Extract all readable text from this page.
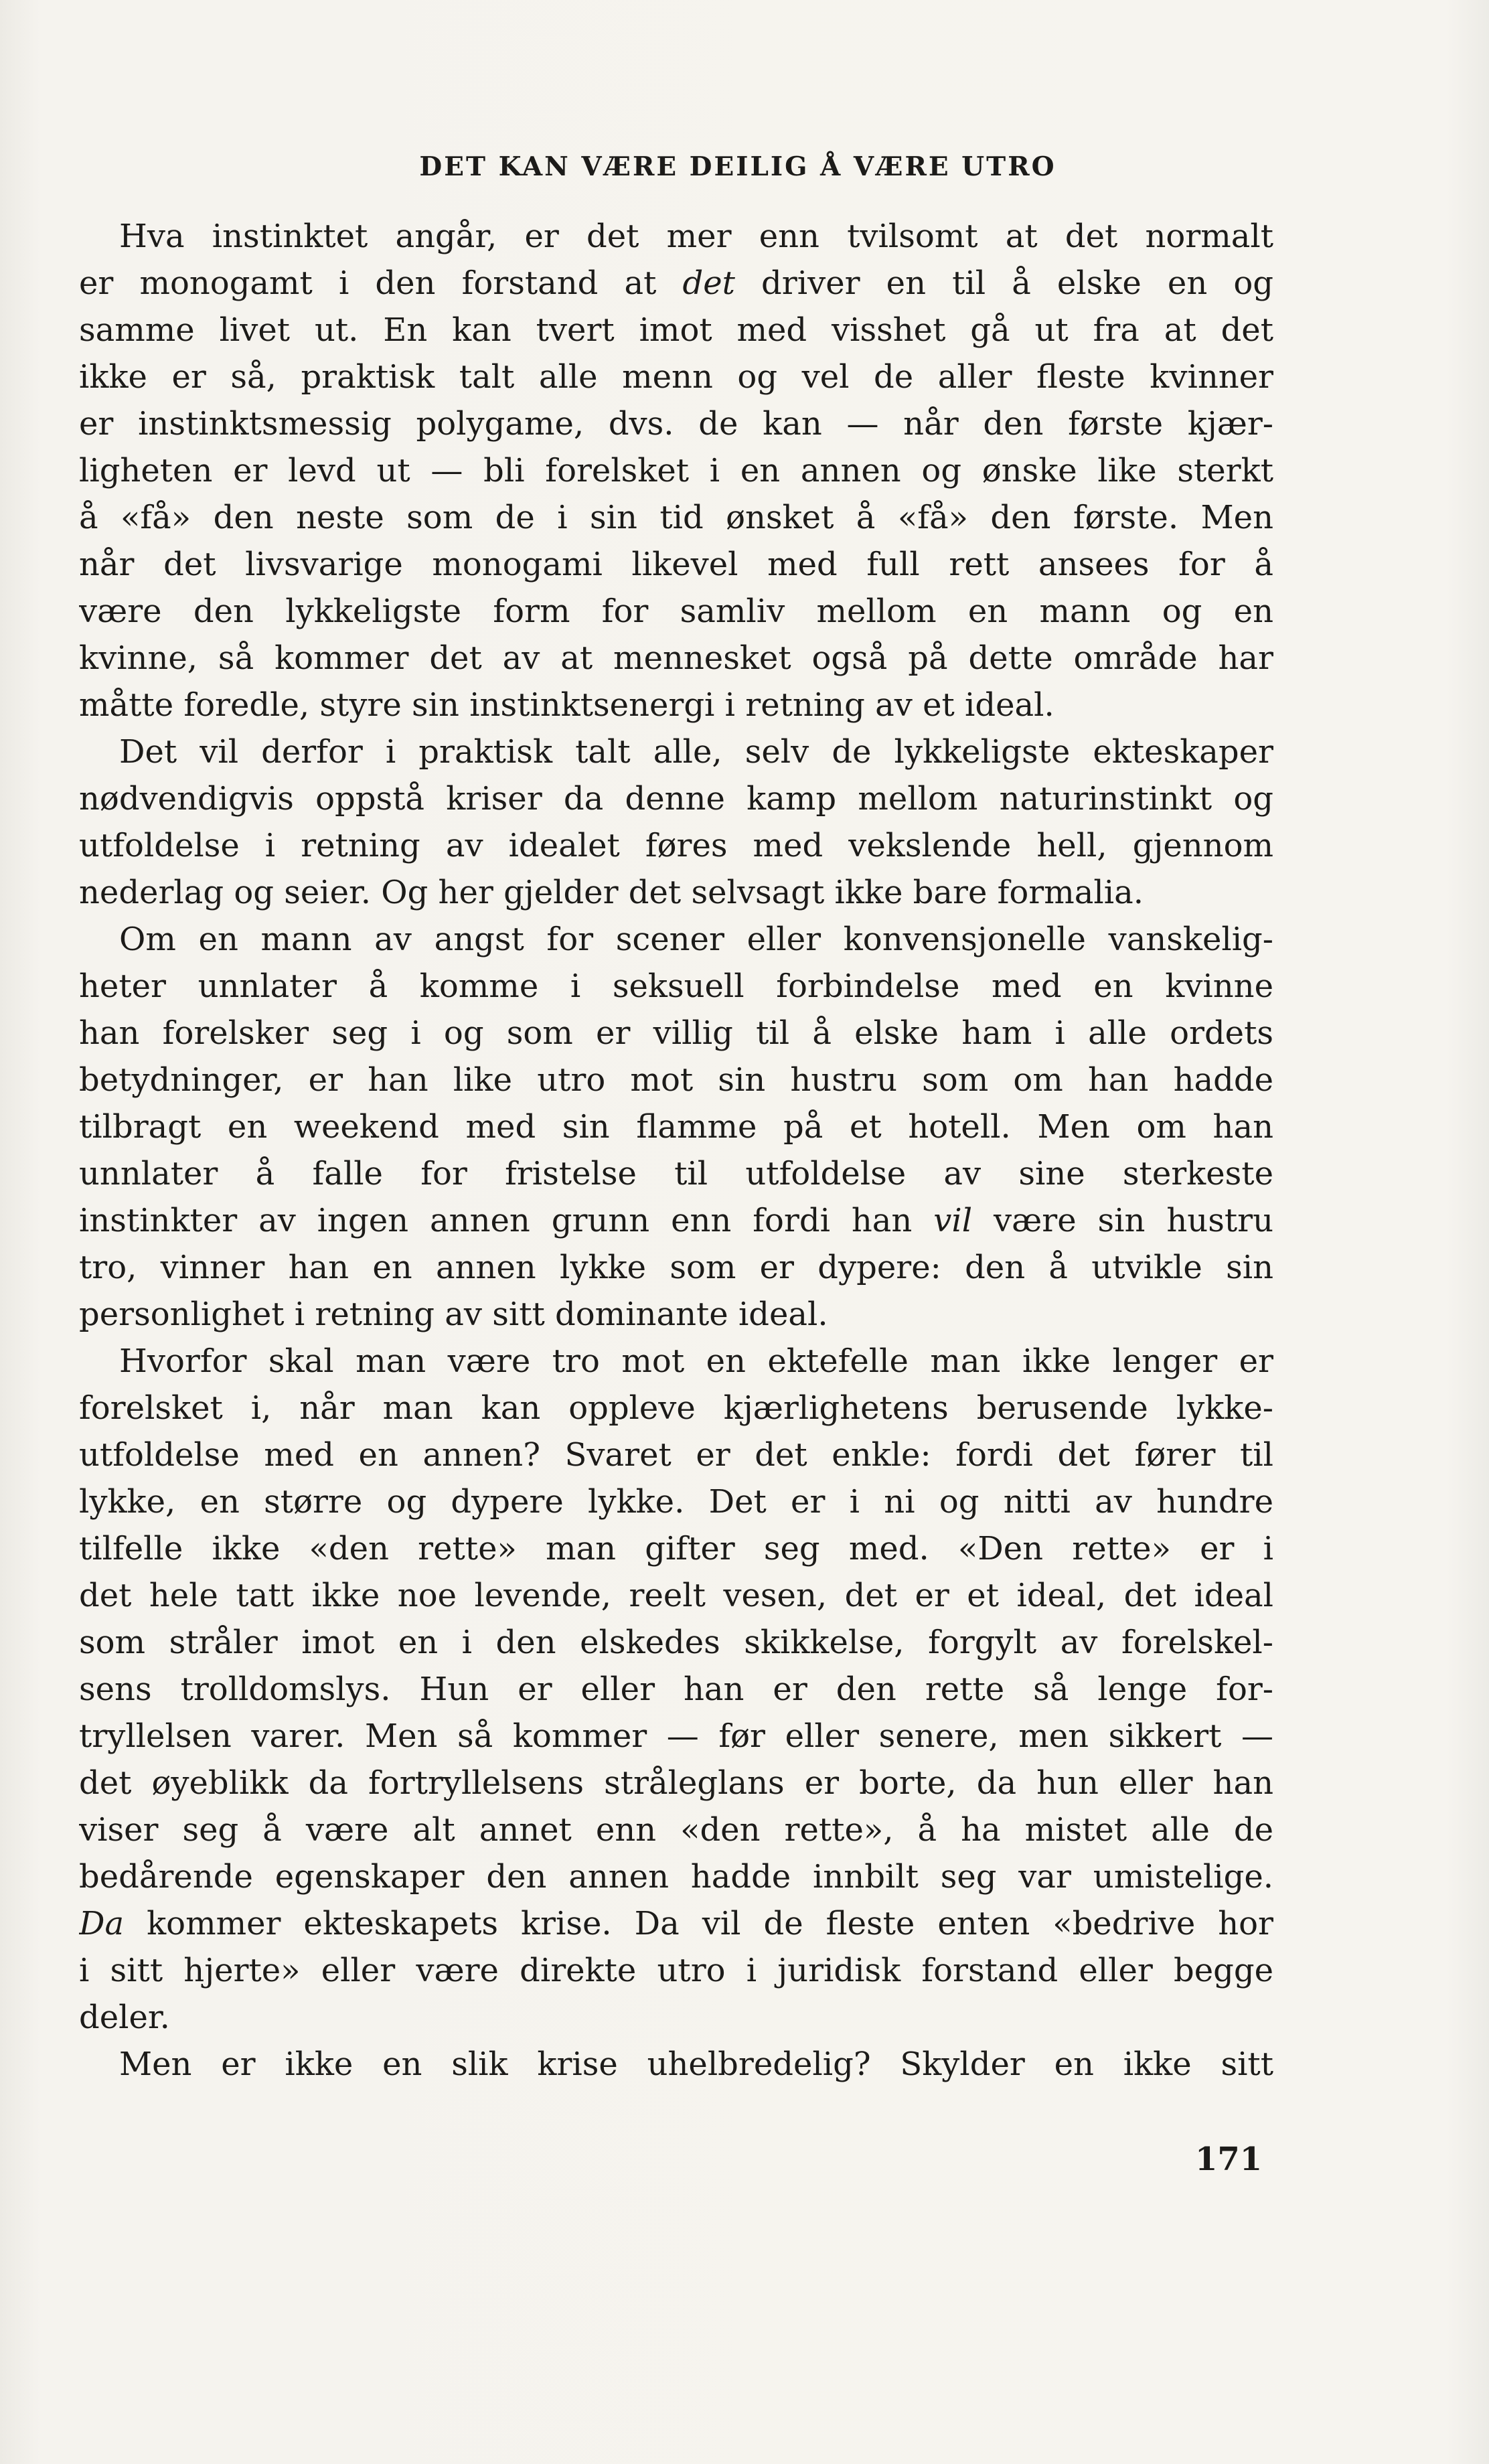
DET KAN VÆRE DEILIG Å VÆRE UTRO
Hva instinktet angår, er det mer enn tvilsomt at det normalt
er monogamt i den forstand at det driver en til å elske en og
samme livet ut. En kan tvert imot med visshet gå ut fra at det
ikke er så, praktisk talt alle menn og vel de aller fleste kvinner
er instinktsmessig polygame, dvs. de kan — når den første kjær-
ligheten er levd ut — bli forelsket i en annen og ønske like sterkt
å «få» den neste som de i sin tid ønsket å «få» den første. Men
når det livsvarige monogami likevel med full rett ansees for å
være den lykkeligste form for samliv mellom en mann og en
kvinne, så kommer det av at mennesket også på dette område har
måtte foredle, styre sin instinktsenergi i retning av et ideal.
Det vil derfor i praktisk talt alle, selv de lykkeligste ekteskaper
nødvendigvis oppstå kriser da denne kamp mellom naturinstinkt og
utfoldelse i retning av idealet føres med vekslende hell, gjennom
nederlag og seier. Og her gjelder det selvsagt ikke bare formalia.
Om en mann av angst for scener eller konvensjonelle vanskelig-
heter unnlater å komme i seksuell forbindelse med en kvinne
han forelsker seg i og som er villig til å elske ham i alle ordets
betydninger, er han like utro mot sin hustru som om han hadde
tilbragt en weekend med sin flamme på et hotell. Men om han
unnlater å falle for fristelse til utfoldelse av sine sterkeste
instinkter av ingen annen grunn enn fordi han vil være sin hustru
tro, vinner han en annen lykke som er dypere: den å utvikle sin
personlighet i retning av sitt dominante ideal.
Hvorfor skal man være tro mot en ektefelle man ikke lenger er
forelsket i, når man kan oppleve kjærlighetens berusende lykke-
utfoldelse med en annen? Svaret er det enkle: fordi det fører til
lykke, en større og dypere lykke. Det er i ni og nitti av hundre
tilfelle ikke «den rette» man gifter seg med. «Den rette» er i
det hele tatt ikke noe levende, reelt vesen, det er et ideal, det ideal
som stråler imot en i den elskedes skikkelse, forgylt av forelskel-
sens trolldomslys. Hun er eller han er den rette så lenge for-
tryllelsen varer. Men så kommer — før eller senere, men sikkert —
det øyeblikk da fortryllelsens stråleglans er borte, da hun eller han
viser seg å være alt annet enn «den rette», å ha mistet alle de
bedårende egenskaper den annen hadde innbilt seg var umistelige.
Da kommer ekteskapets krise. Da vil de fleste enten «bedrive hor
i sitt hjerte» eller være direkte utro i juridisk forstand eller begge
deler.
Men er ikke en slik krise uhelbredelig? Skylder en ikke sitt
171
